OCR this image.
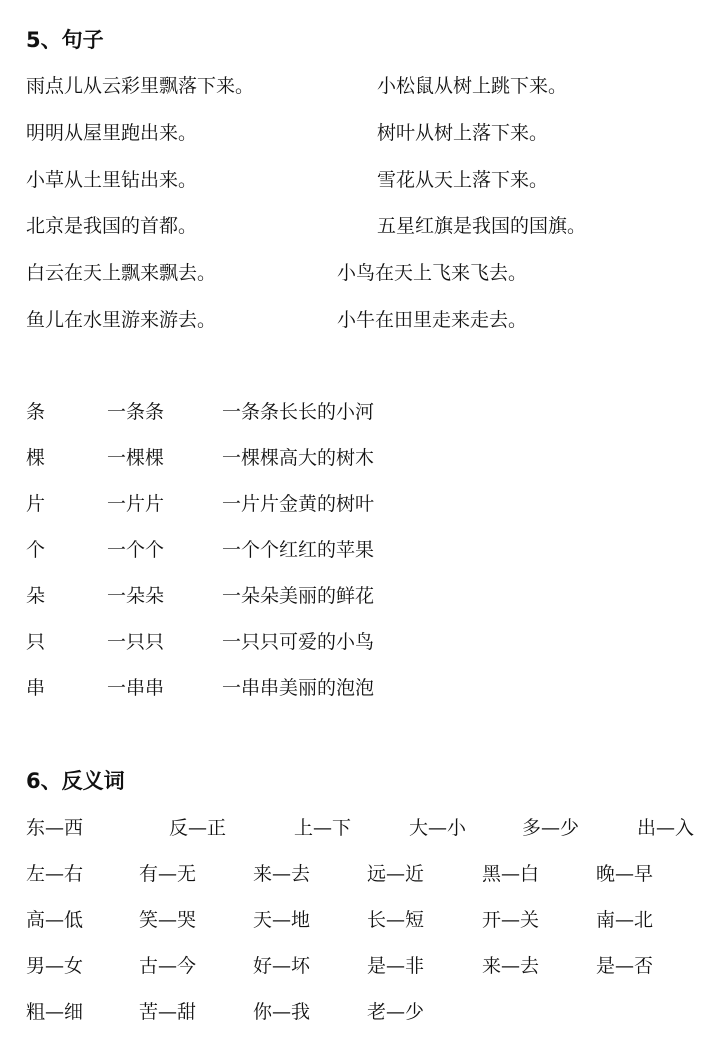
5、句子
雨点儿从云彩里飘落下来。	小松鼠从树上跳下来。
明明从屋里跑出来。	树叶从树上落下来。
小草从土里钻出来。	雪花从天上落下来。
北京是我国的首都。	五星红旗是我国的国旗。
白云在天上飘来飘去。	小鸟在天上飞来飞去。
鱼儿在水里游来游去。	小牛在田里走来走去。
条	一条条	一条条长长的小河
棵	一棵棵	一棵棵高大的树木
片	一片片	一片片金黄的树叶
个	一个个	一个个红红的苹果
朵	一朵朵	一朵朵美丽的鲜花
只	一只只	一只只可爱的小鸟
串	一串串	一串串美丽的泡泡
6、反义词
东—西	反—正	上—下	大—小	多—少	出—入
左—右	有—无	来—去	远—近	黑—白	晚—早
高—低	笑—哭	天—地	长—短	开—关	南—北
男—女	古—今	好—坏	是—非	来—去	是—否
粗—细	苦—甜	你—我	老—少
